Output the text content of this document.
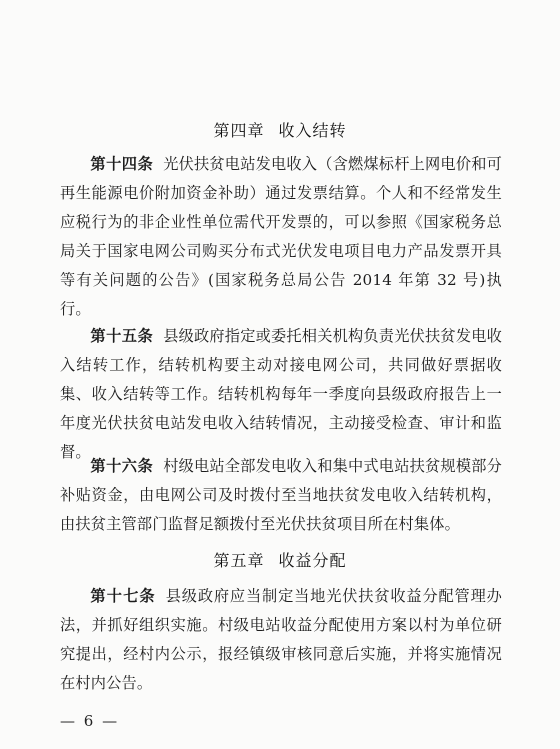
第四章 收入结转

第十四条 光伏扶贫电站发电收入（含燃煤标杆上网电价和可再生能源电价附加资金补助）通过发票结算。个人和不经常发生应税行为的非企业性单位需代开发票的，可以参照《国家税务总局关于国家电网公司购买分布式光伏发电项目电力产品发票开具等有关问题的公告》(国家税务总局公告 2014 年第 32 号)执行。

第十五条 县级政府指定或委托相关机构负责光伏扶贫发电收入结转工作，结转机构要主动对接电网公司，共同做好票据收集、收入结转等工作。结转机构每年一季度向县级政府报告上一年度光伏扶贫电站发电收入结转情况，主动接受检查、审计和监督。

第十六条 村级电站全部发电收入和集中式电站扶贫规模部分补贴资金，由电网公司及时拨付至当地扶贫发电收入结转机构，由扶贫主管部门监督足额拨付至光伏扶贫项目所在村集体。

第五章 收益分配

第十七条 县级政府应当制定当地光伏扶贫收益分配管理办法，并抓好组织实施。村级电站收益分配使用方案以村为单位研究提出，经村内公示，报经镇级审核同意后实施，并将实施情况在村内公告。

— 6 —
